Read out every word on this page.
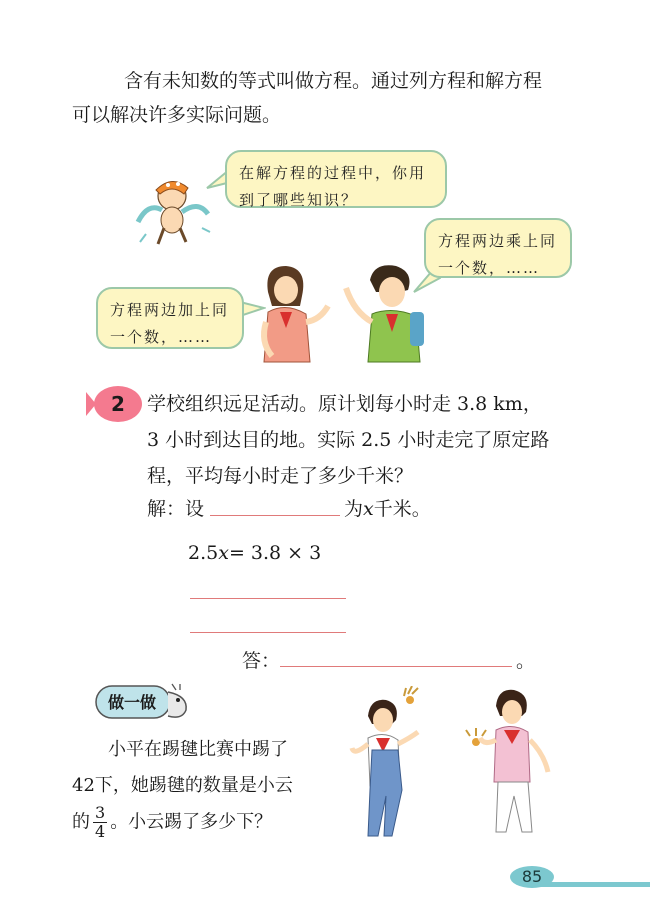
含有未知数的等式叫做方程。通过列方程和解方程

可以解决许多实际问题。

在解方程的过程中，你用

到了哪些知识？

方程两边乘上同

一个数，……

方程两边加上同

一个数，……

2 学校组织远足活动。原计划每小时走 3.8 km，

3 小时到达目的地。实际 2.5 小时走完了原定路

程，平均每小时走了多少千米？

解：设	为x千米。
2.5x= 3.8 × 3
答：	。
做一做

小平在踢毽比赛中踢了

42下，她踢毽的数量是小云

的 $\frac{3}{4}$ 。小云踢了多少下？

85
